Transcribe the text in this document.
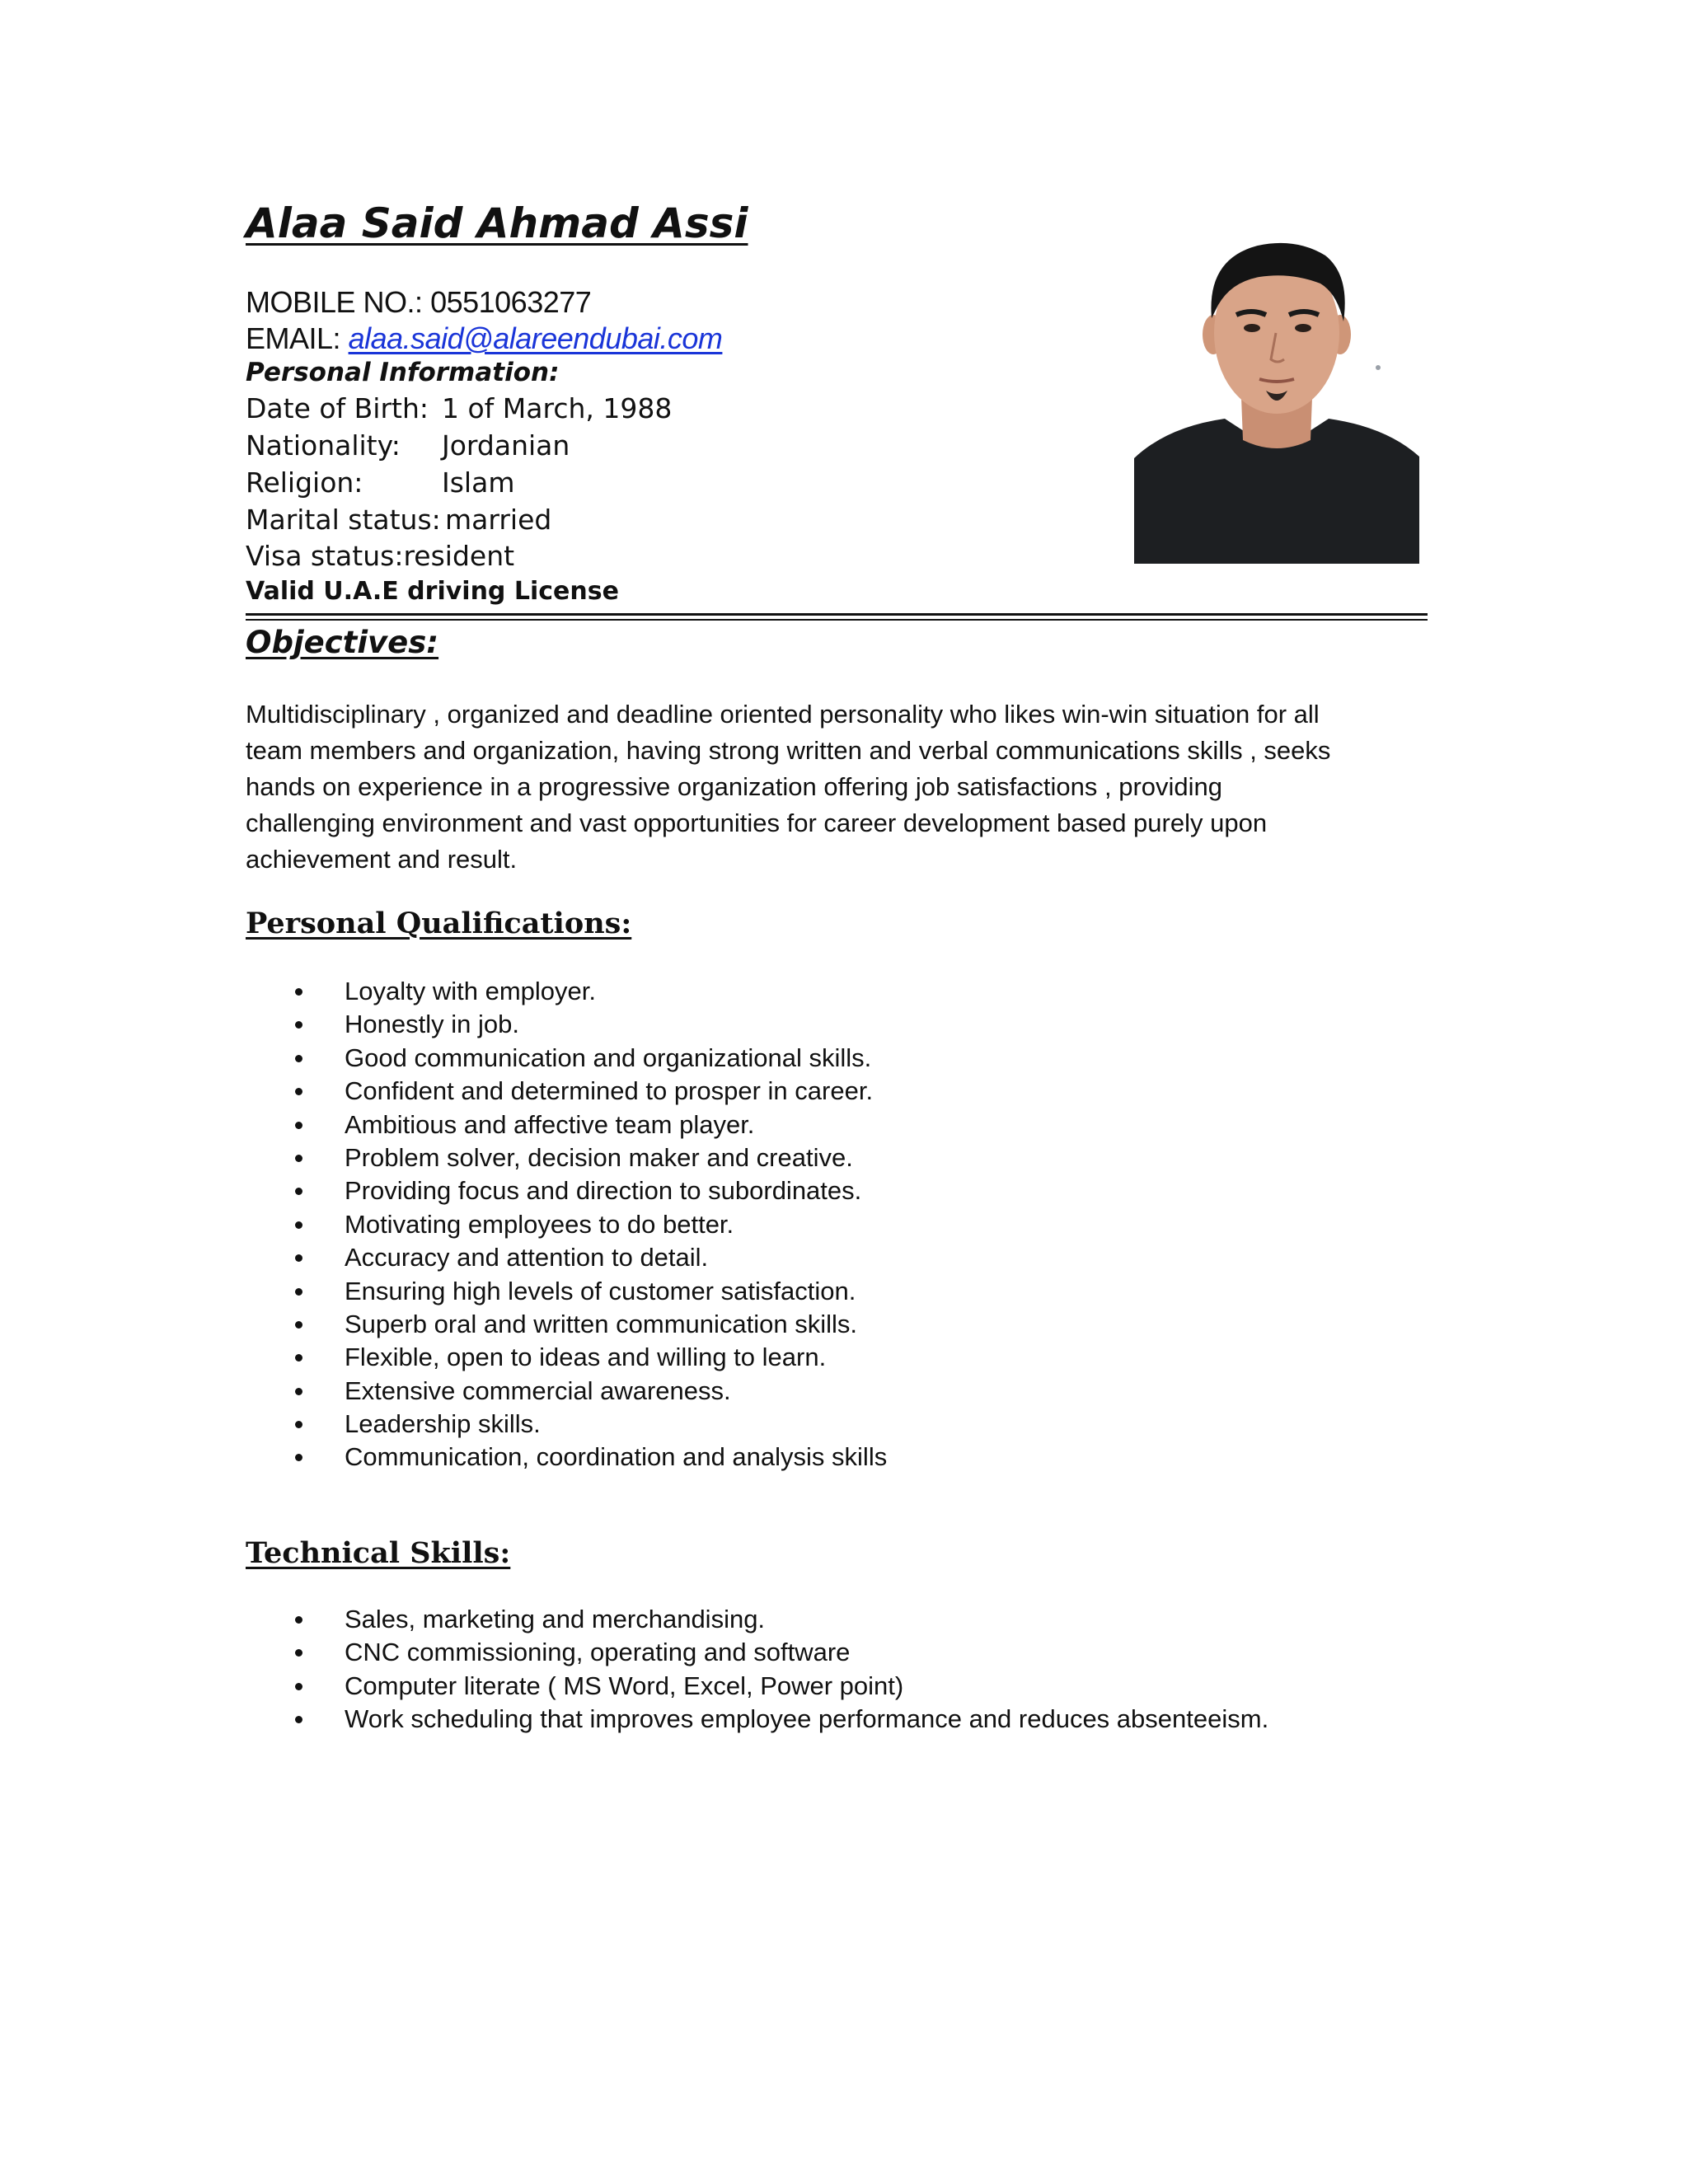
Alaa Said Ahmad Assi
MOBILE NO.: 0551063277
EMAIL: alaa.said@alareendubai.com
Personal Information:
Date of Birth: 1 of March, 1988
Nationality: Jordanian
Religion:	Islam
Marital status: married
Visa status:resident
Valid U.A.E driving License
Objectives:

Multidisciplinary , organized and deadline oriented personality who likes win-win situation for all
team members and organization, having strong written and verbal communications skills , seeks
hands on experience in a progressive organization offering job satisfactions , providing
challenging environment and vast opportunities for career development based purely upon
achievement and result.

Personal Qualifications:
Loyalty with employer.
Honestly in job.
Good communication and organizational skills.
Confident and determined to prosper in career.
Ambitious and affective team player.
Problem solver, decision maker and creative.
Providing focus and direction to subordinates.
Motivating employees to do better.
Accuracy and attention to detail.
Ensuring high levels of customer satisfaction.
Superb oral and written communication skills.
Flexible, open to ideas and willing to learn.
Extensive commercial awareness.
Leadership skills.
Communication, coordination and analysis skills
Technical Skills:
Sales, marketing and merchandising.
CNC commissioning, operating and software
Computer literate ( MS Word, Excel, Power point)
Work scheduling that improves employee performance and reduces absenteeism.
